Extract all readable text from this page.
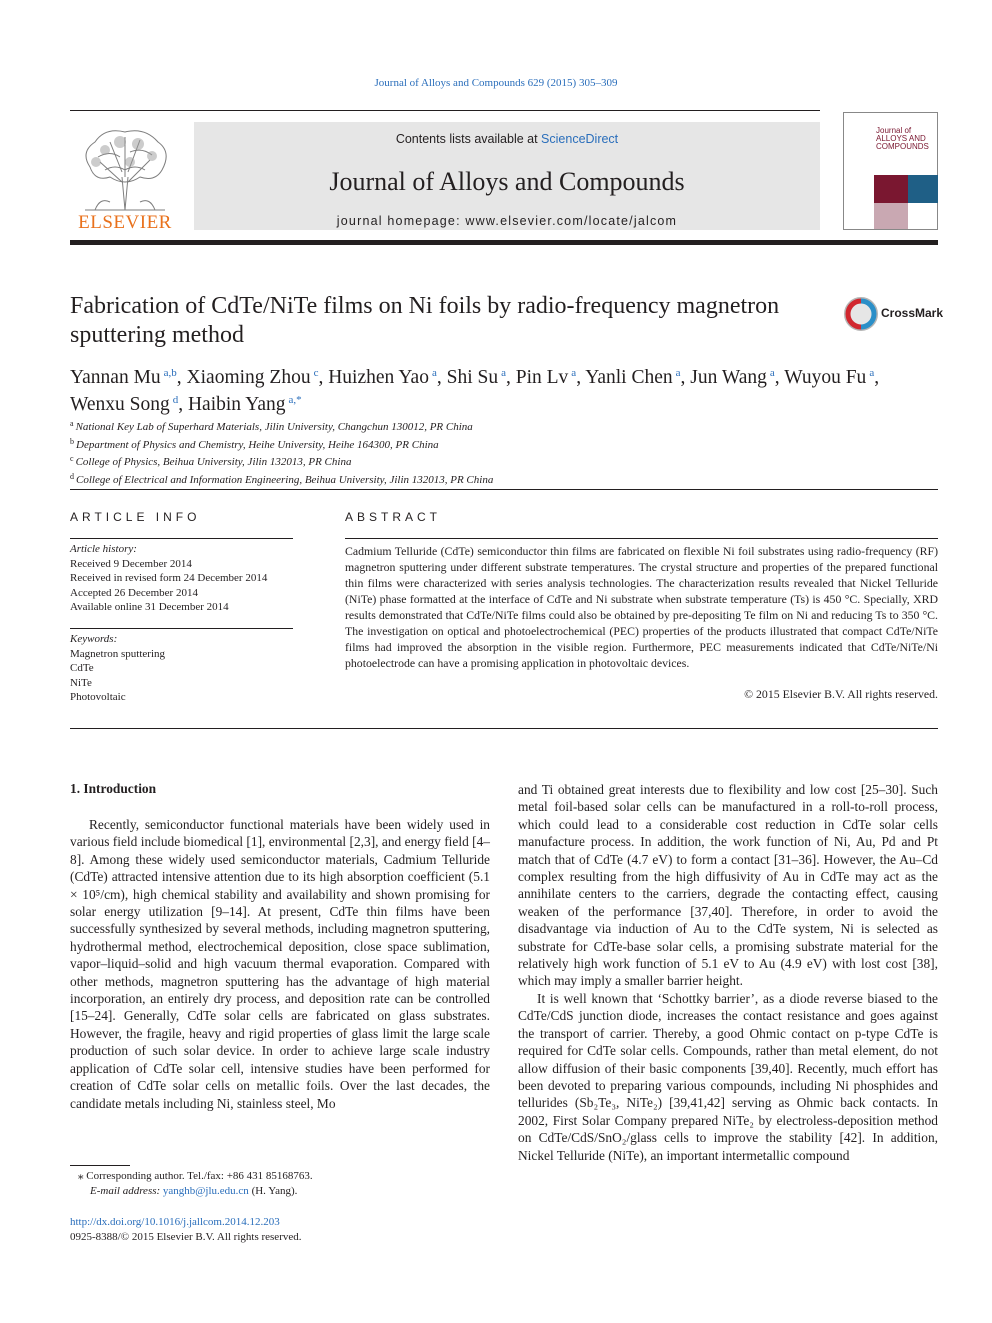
Journal of Alloys and Compounds 629 (2015) 305–309
ELSEVIER
Contents lists available at ScienceDirect
Journal of Alloys and Compounds
journal homepage: www.elsevier.com/locate/jalcom
Journal of ALLOYS AND COMPOUNDS
Fabrication of CdTe/NiTe films on Ni foils by radio-frequency magnetron sputtering method
CrossMark
Yannan Mu $^{a,b}$, Xiaoming Zhou $^c$, Huizhen Yao $^a$, Shi Su $^a$, Pin Lv $^a$, Yanli Chen $^a$, Jun Wang $^a$, Wuyou Fu $^a$,
Wenxu Song $^d$, Haibin Yang $^{a,*}$
$^a$ National Key Lab of Superhard Materials, Jilin University, Changchun 130012, PR China
$^b$ Department of Physics and Chemistry, Heihe University, Heihe 164300, PR China
$^c$ College of Physics, Beihua University, Jilin 132013, PR China
$^d$ College of Electrical and Information Engineering, Beihua University, Jilin 132013, PR China
ARTICLE INFO
Article history:
Received 9 December 2014
Received in revised form 24 December 2014
Accepted 26 December 2014
Available online 31 December 2014
Keywords:
Magnetron sputtering
CdTe
NiTe
Photovoltaic
ABSTRACT
Cadmium Telluride (CdTe) semiconductor thin films are fabricated on flexible Ni foil substrates using radio-frequency (RF) magnetron sputtering under different substrate temperatures. The crystal structure and properties of the prepared functional thin films were characterized with series analysis technologies. The characterization results revealed that Nickel Telluride (NiTe) phase formatted at the interface of CdTe and Ni substrate when substrate temperature (Ts) is 450 °C. Specially, XRD results demonstrated that CdTe/NiTe films could also be obtained by pre-depositing Te film on Ni and reducing Ts to 350 °C. The investigation on optical and photoelectrochemical (PEC) properties of the products illustrated that compact CdTe/NiTe films had improved the absorption in the visible region. Furthermore, PEC measurements indicated that CdTe/NiTe/Ni photoelectrode can have a promising application in photovoltaic devices.
© 2015 Elsevier B.V. All rights reserved.
1. Introduction

Recently, semiconductor functional materials have been widely used in various field include biomedical [1], environmental [2,3], and energy field [4–8]. Among these widely used semiconductor materials, Cadmium Telluride (CdTe) attracted intensive attention due to its high absorption coefficient (5.1 × 10⁵/cm), high chemical stability and availability and shown promising for solar energy utilization [9–14]. At present, CdTe thin films have been successfully synthesized by several methods, including magnetron sputtering, hydrothermal method, electrochemical deposition, close space sublimation, vapor–liquid–solid and high vacuum thermal evaporation. Compared with other methods, magnetron sputtering has the advantage of high material incorporation, an entirely dry process, and deposition rate can be controlled [15–24]. Generally, CdTe solar cells are fabricated on glass substrates. However, the fragile, heavy and rigid properties of glass limit the large scale production of such solar device. In order to achieve large scale industry application of CdTe solar cell, intensive studies have been performed for creation of CdTe solar cells on metallic foils. Over the last decades, the candidate metals including Ni, stainless steel, Mo

and Ti obtained great interests due to flexibility and low cost [25–30]. Such metal foil-based solar cells can be manufactured in a roll-to-roll process, which could lead to a considerable cost reduction in CdTe solar cells manufacture process. In addition, the work function of Ni, Au, Pd and Pt match that of CdTe (4.7 eV) to form a contact [31–36]. However, the Au–Cd complex resulting from the high diffusivity of Au in CdTe may act as the annihilate centers to the carriers, degrade the contacting effect, causing weaken of the performance [37,40]. Therefore, in order to avoid the disadvantage via induction of Au to the CdTe system, Ni is selected as substrate for CdTe-base solar cells, a promising substrate material for the relatively high work function of 5.1 eV to Au (4.9 eV) with lost cost [38], which may imply a smaller barrier height.

It is well known that ‘Schottky barrier’, as a diode reverse biased to the CdTe/CdS junction diode, increases the contact resistance and goes against the transport of carrier. Thereby, a good Ohmic contact on p-type CdTe is required for CdTe solar cells. Compounds, rather than metal element, do not allow diffusion of their basic components [39,40]. Recently, much effort has been devoted to preparing various compounds, including Ni phosphides and tellurides (Sb₂Te₃, NiTe₂) [39,41,42] serving as Ohmic back contacts. In 2002, First Solar Company prepared NiTe₂ by electroless-deposition method on CdTe/CdS/SnO₂/glass cells to improve the stability [42]. In addition, Nickel Telluride (NiTe), an important intermetallic compound

⁎ Corresponding author. Tel./fax: +86 431 85168763.
E-mail address: yanghb@jlu.edu.cn (H. Yang).
http://dx.doi.org/10.1016/j.jallcom.2014.12.203
0925-8388/© 2015 Elsevier B.V. All rights reserved.
